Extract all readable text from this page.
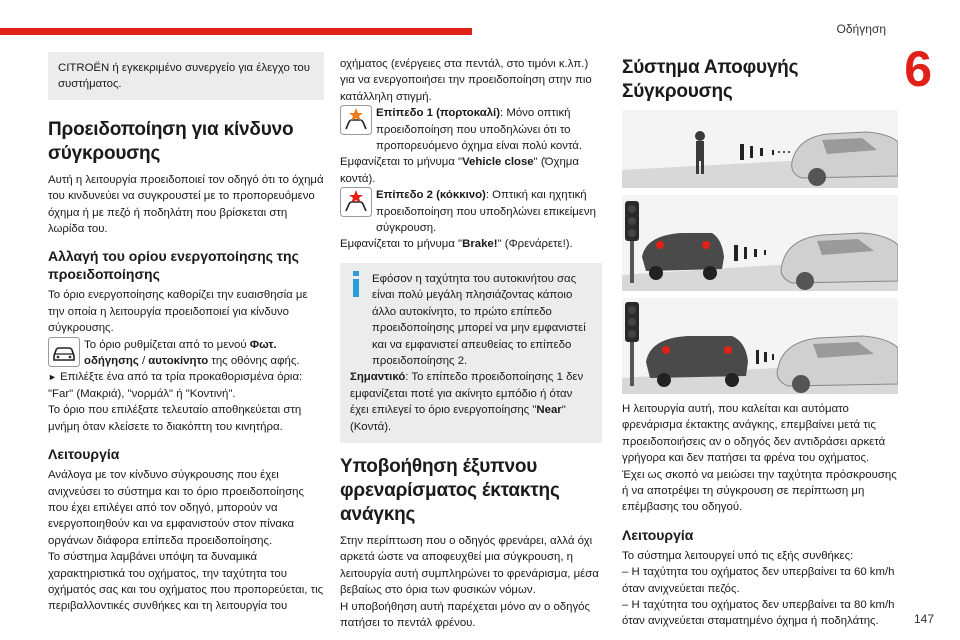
Οδήγηση
6
147

CITROËN ή εγκεκριμένο συνεργείο για έλεγχο του συστήματος.

Προειδοποίηση για κίνδυνο σύγκρουσης

Αυτή η λειτουργία προειδοποιεί τον οδηγό ότι το όχημά του κινδυνεύει να συγκρουστεί με το προπορευόμενο όχημα ή με πεζό ή ποδηλάτη που βρίσκεται στη λωρίδα του.

Αλλαγή του ορίου ενεργοποίησης της προειδοποίησης

Το όριο ενεργοποίησης καθορίζει την ευαισθησία με την οποία η λειτουργία προειδοποιεί για κίνδυνο σύγκρουσης.

Το όριο ρυθμίζεται από το μενού Φωτ. οδήγησης / αυτοκίνητο της οθόνης αφής.

► Επιλέξτε ένα από τα τρία προκαθορισμένα όρια: "Far" (Μακριά), "νορμάλ" ή "Κοντινή".

Το όριο που επιλέξατε τελευταίο αποθηκεύεται στη μνήμη όταν κλείσετε το διακόπτη του κινητήρα.

Λειτουργία

Ανάλογα με τον κίνδυνο σύγκρουσης που έχει ανιχνεύσει το σύστημα και το όριο προειδοποίησης που έχει επιλέγει από τον οδηγό, μπορούν να ενεργοποιηθούν και να εμφανιστούν στον πίνακα οργάνων διάφορα επίπεδα προειδοποίησης.

Το σύστημα λαμβάνει υπόψη τα δυναμικά χαρακτηριστικά του οχήματος, την ταχύτητα του οχήματός σας και του οχήματος που προπορεύεται, τις περιβαλλοντικές συνθήκες και τη λειτουργία του

οχήματος (ενέργειες στα πεντάλ, στο τιμόνι κ.λπ.) για να ενεργοποιήσει την προειδοποίηση στην πιο κατάλληλη στιγμή.

Επίπεδο 1 (πορτοκαλί): Μόνο οπτική προειδοποίηση που υποδηλώνει ότι το προπορευόμενο όχημα είναι πολύ κοντά.

Εμφανίζεται το μήνυμα "Vehicle close" (Όχημα κοντά).

Επίπεδο 2 (κόκκινο): Οπτική και ηχητική προειδοποίηση που υποδηλώνει επικείμενη σύγκρουση.

Εμφανίζεται το μήνυμα "Brake!" (Φρενάρετε!).

Εφόσον η ταχύτητα του αυτοκινήτου σας είναι πολύ μεγάλη πλησιάζοντας κάποιο άλλο αυτοκίνητο, το πρώτο επίπεδο προειδοποίησης μπορεί να μην εμφανιστεί και να εμφανιστεί απευθείας το επίπεδο προειδοποίησης 2.

Σημαντικό: Το επίπεδο προειδοποίησης 1 δεν εμφανίζεται ποτέ για ακίνητο εμπόδιο ή όταν έχει επιλεγεί το όριο ενεργοποίησης "Near" (Κοντά).

Υποβοήθηση έξυπνου φρεναρίσματος έκτακτης ανάγκης

Στην περίπτωση που ο οδηγός φρενάρει, αλλά όχι αρκετά ώστε να αποφευχθεί μια σύγκρουση, η λειτουργία αυτή συμπληρώνει το φρενάρισμα, μέσα βεβαίως στο όρια των φυσικών νόμων.

Η υποβοήθηση αυτή παρέχεται μόνο αν ο οδηγός πατήσει το πεντάλ φρένου.

Σύστημα Αποφυγής Σύγκρουσης

Η λειτουργία αυτή, που καλείται και αυτόματο φρενάρισμα έκτακτης ανάγκης, επεμβαίνει μετά τις προειδοποιήσεις αν ο οδηγός δεν αντιδράσει αρκετά γρήγορα και δεν πατήσει τα φρένα του οχήματος.

Έχει ως σκοπό να μειώσει την ταχύτητα πρόσκρουσης ή να αποτρέψει τη σύγκρουση σε περίπτωση μη επέμβασης του οδηγού.

Λειτουργία

Το σύστημα λειτουργεί υπό τις εξής συνθήκες:

– Η ταχύτητα του οχήματος δεν υπερβαίνει τα 60 km/h όταν ανιχνεύεται πεζός.

– Η ταχύτητα του οχήματος δεν υπερβαίνει τα 80 km/h όταν ανιχνεύεται σταματημένο όχημα ή ποδηλάτης.
